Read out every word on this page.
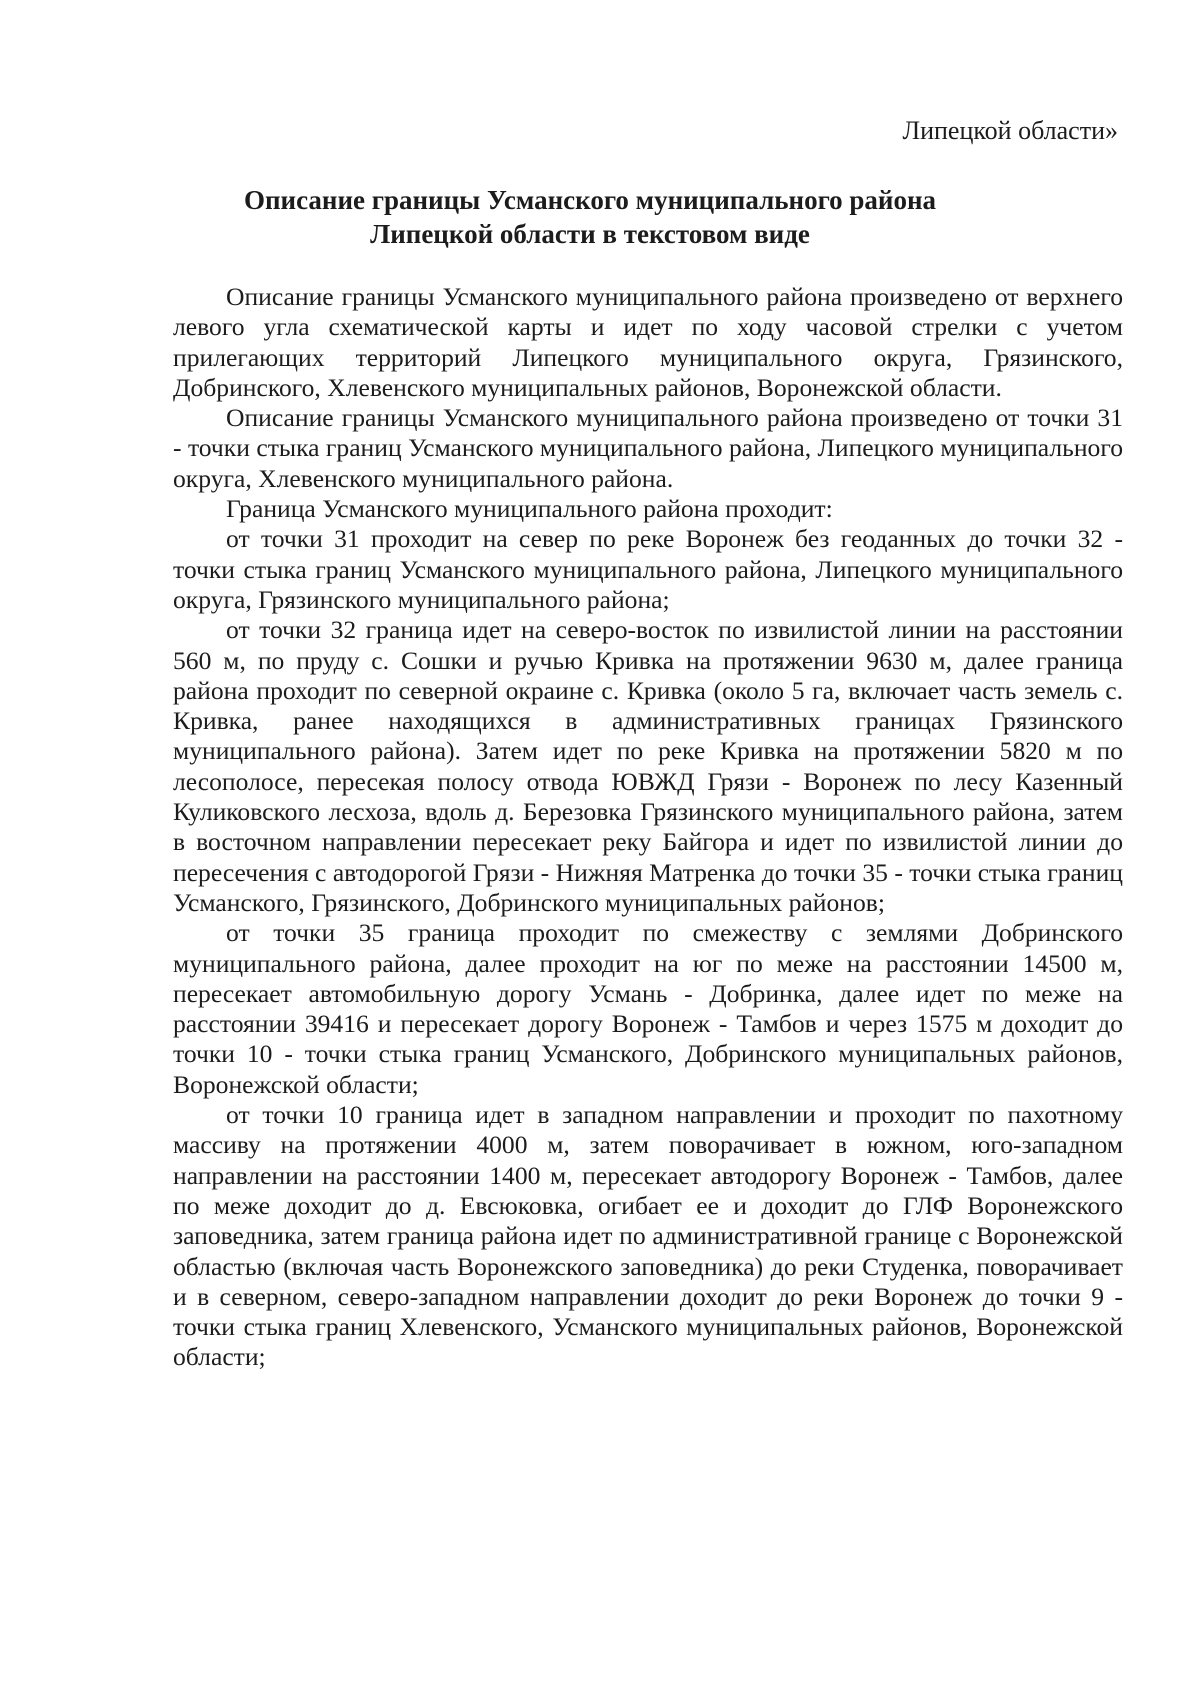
Липецкой области»
Описание границы Усманского муниципального района
Липецкой области в текстовом виде

Описание границы Усманского муниципального района произведено от верхнего левого угла схематической карты и идет по ходу часовой стрелки с учетом прилегающих территорий Липецкого муниципального округа, Грязинского, Добринского, Хлевенского муниципальных районов, Воронежской области.

Описание границы Усманского муниципального района произведено от точки 31 - точки стыка границ Усманского муниципального района, Липецкого муниципального округа, Хлевенского муниципального района.

Граница Усманского муниципального района проходит:

от точки 31 проходит на север по реке Воронеж без геоданных до точки 32 - точки стыка границ Усманского муниципального района, Липецкого муниципального округа, Грязинского муниципального района;

от точки 32 граница идет на северо-восток по извилистой линии на расстоянии 560 м, по пруду с. Сошки и ручью Кривка на протяжении 9630 м, далее граница района проходит по северной окраине с. Кривка (около 5 га, включает часть земель с. Кривка, ранее находящихся в административных границах Грязинского муниципального района). Затем идет по реке Кривка на протяжении 5820 м по лесополосе, пересекая полосу отвода ЮВЖД Грязи - Воронеж по лесу Казенный Куликовского лесхоза, вдоль д. Березовка Грязинского муниципального района, затем в восточном направлении пересекает реку Байгора и идет по извилистой линии до пересечения с автодорогой Грязи - Нижняя Матренка до точки 35 - точки стыка границ Усманского, Грязинского, Добринского муниципальных районов;

от точки 35 граница проходит по смежеству с землями Добринского муниципального района, далее проходит на юг по меже на расстоянии 14500 м, пересекает автомобильную дорогу Усмань - Добринка, далее идет по меже на расстоянии 39416 и пересекает дорогу Воронеж - Тамбов и через 1575 м доходит до точки 10 - точки стыка границ Усманского, Добринского муниципальных районов, Воронежской области;

от точки 10 граница идет в западном направлении и проходит по пахотному массиву на протяжении 4000 м, затем поворачивает в южном, юго-западном направлении на расстоянии 1400 м, пересекает автодорогу Воронеж - Тамбов, далее по меже доходит до д. Евсюковка, огибает ее и доходит до ГЛФ Воронежского заповедника, затем граница района идет по административной границе с Воронежской областью (включая часть Воронежского заповедника) до реки Студенка, поворачивает и в северном, северо-западном направлении доходит до реки Воронеж до точки 9 - точки стыка границ Хлевенского, Усманского муниципальных районов, Воронежской области;
